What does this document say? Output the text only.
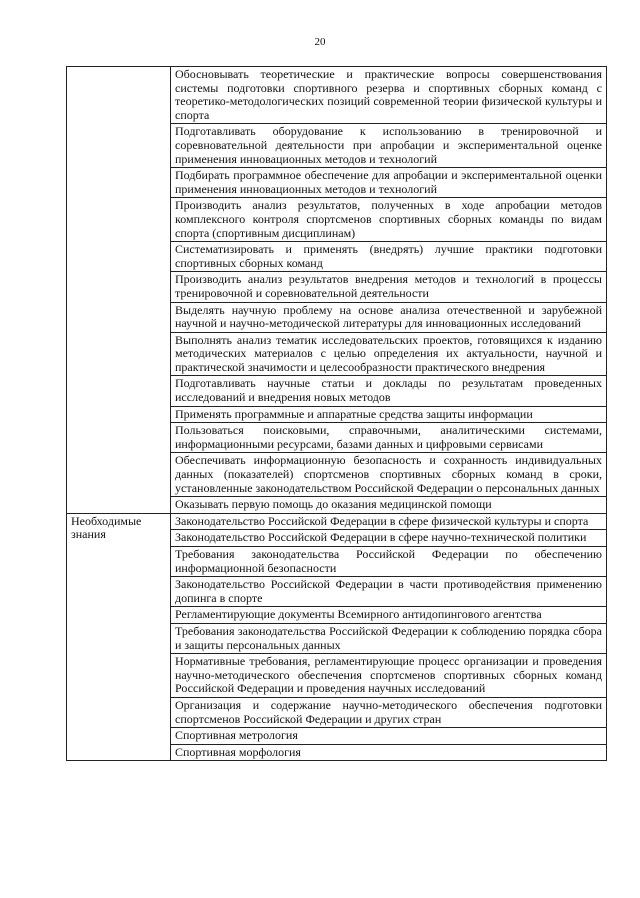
20
	Обосновывать теоретические и практические вопросы совершенствования системы подготовки спортивного резерва и спортивных сборных команд с теоретико-методологических позиций современной теории физической культуры и спорта
	Подготавливать оборудование к использованию в тренировочной и соревновательной деятельности при апробации и экспериментальной оценке применения инновационных методов и технологий
	Подбирать программное обеспечение для апробации и экспериментальной оценки применения инновационных методов и технологий
	Производить анализ результатов, полученных в ходе апробации методов комплексного контроля спортсменов спортивных сборных команды по видам спорта (спортивным дисциплинам)
	Систематизировать и применять (внедрять) лучшие практики подготовки спортивных сборных команд
	Производить анализ результатов внедрения методов и технологий в процессы тренировочной и соревновательной деятельности
	Выделять научную проблему на основе анализа отечественной и зарубежной научной и научно-методической литературы для инновационных исследований
	Выполнять анализ тематик исследовательских проектов, готовящихся к изданию методических материалов с целью определения их актуальности, научной и практической значимости и целесообразности практического внедрения
	Подготавливать научные статьи и доклады по результатам проведенных исследований и внедрения новых методов
	Применять программные и аппаратные средства защиты информации
	Пользоваться поисковыми, справочными, аналитическими системами, информационными ресурсами, базами данных и цифровыми сервисами
	Обеспечивать информационную безопасность и сохранность индивидуальных данных (показателей) спортсменов спортивных сборных команд в сроки, установленные законодательством Российской Федерации о персональных данных
	Оказывать первую помощь до оказания медицинской помощи
Необходимые знания	Законодательство Российской Федерации в сфере физической культуры и спорта
	Законодательство Российской Федерации в сфере научно-технической политики
	Требования законодательства Российской Федерации по обеспечению информационной безопасности
	Законодательство Российской Федерации в части противодействия применению допинга в спорте
	Регламентирующие документы Всемирного антидопингового агентства
	Требования законодательства Российской Федерации к соблюдению порядка сбора и защиты персональных данных
	Нормативные требования, регламентирующие процесс организации и проведения научно-методического обеспечения спортсменов спортивных сборных команд Российской Федерации и проведения научных исследований
	Организация и содержание научно-методического обеспечения подготовки спортсменов Российской Федерации и других стран
	Спортивная метрология
	Спортивная морфология
